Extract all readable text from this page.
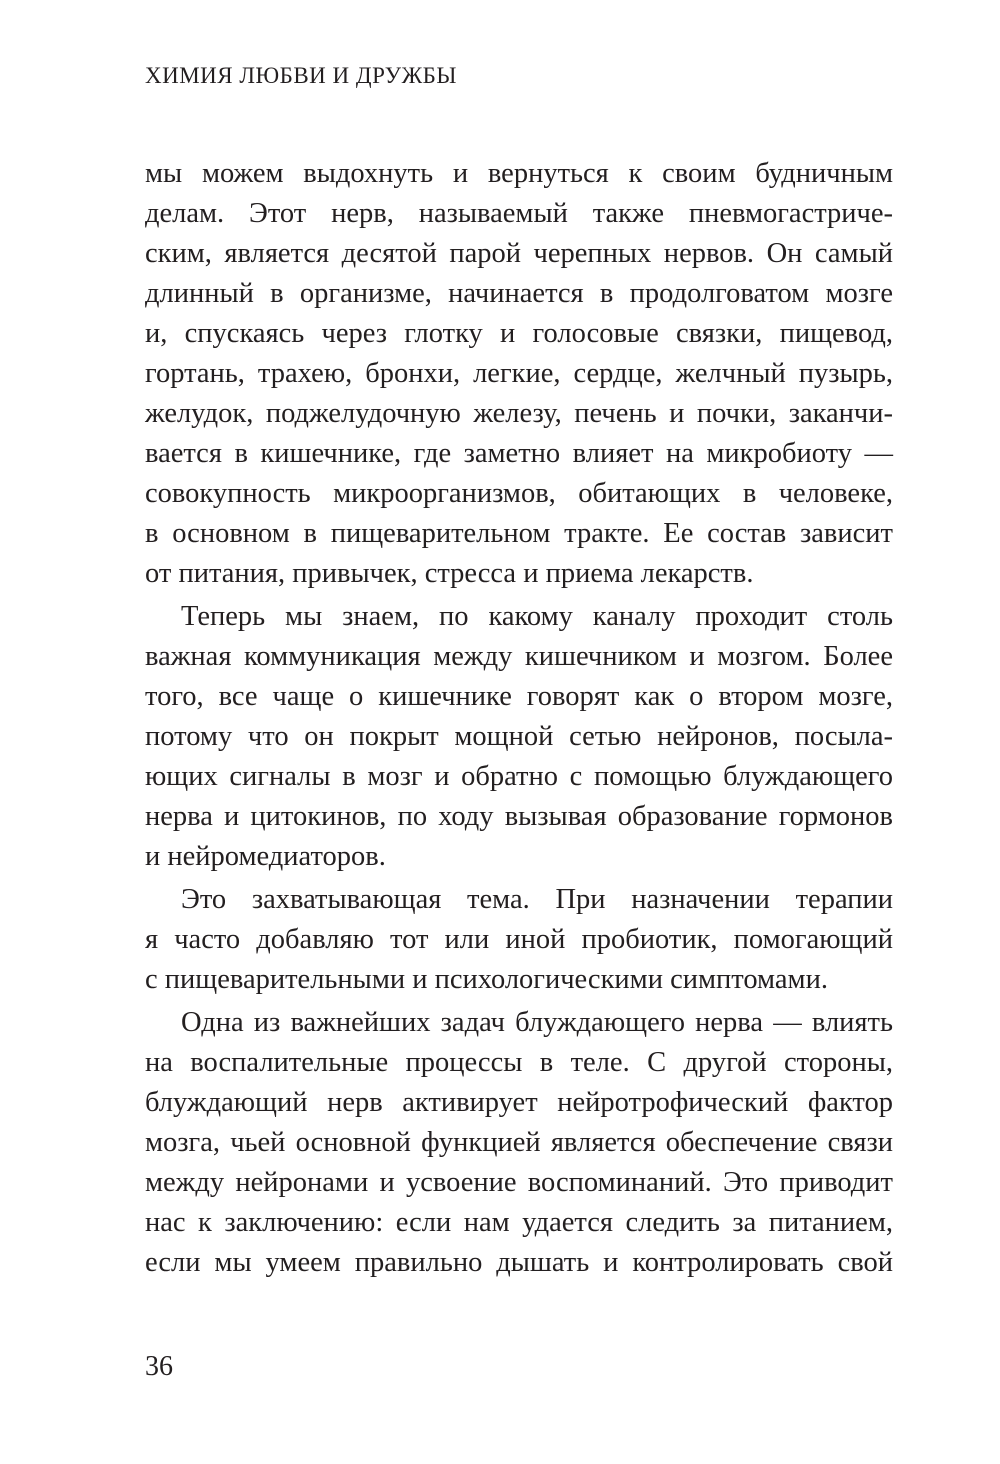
ХИМИЯ ЛЮБВИ И ДРУЖБЫ
мы можем выдохнуть и вернуться к своим будничным
делам. Этот нерв, называемый также пневмогастриче-
ским, является десятой парой черепных нервов. Он самый
длинный в организме, начинается в продолговатом мозге
и, спускаясь через глотку и голосовые связки, пищевод,
гортань, трахею, бронхи, легкие, сердце, желчный пузырь,
желудок, поджелудочную железу, печень и почки, заканчи-
вается в кишечнике, где заметно влияет на микробиоту —
совокупность микроорганизмов, обитающих в человеке,
в основном в пищеварительном тракте. Ее состав зависит
от питания, привычек, стресса и приема лекарств.
Теперь мы знаем, по какому каналу проходит столь
важная коммуникация между кишечником и мозгом. Более
того, все чаще о кишечнике говорят как о втором мозге,
потому что он покрыт мощной сетью нейронов, посыла-
ющих сигналы в мозг и обратно с помощью блуждающего
нерва и цитокинов, по ходу вызывая образование гормонов
и нейромедиаторов.
Это захватывающая тема. При назначении терапии
я часто добавляю тот или иной пробиотик, помогающий
с пищеварительными и психологическими симптомами.
Одна из важнейших задач блуждающего нерва — влиять
на воспалительные процессы в теле. С другой стороны,
блуждающий нерв активирует нейротрофический фактор
мозга, чьей основной функцией является обеспечение связи
между нейронами и усвоение воспоминаний. Это приводит
нас к заключению: если нам удается следить за питанием,
если мы умеем правильно дышать и контролировать свой
36
